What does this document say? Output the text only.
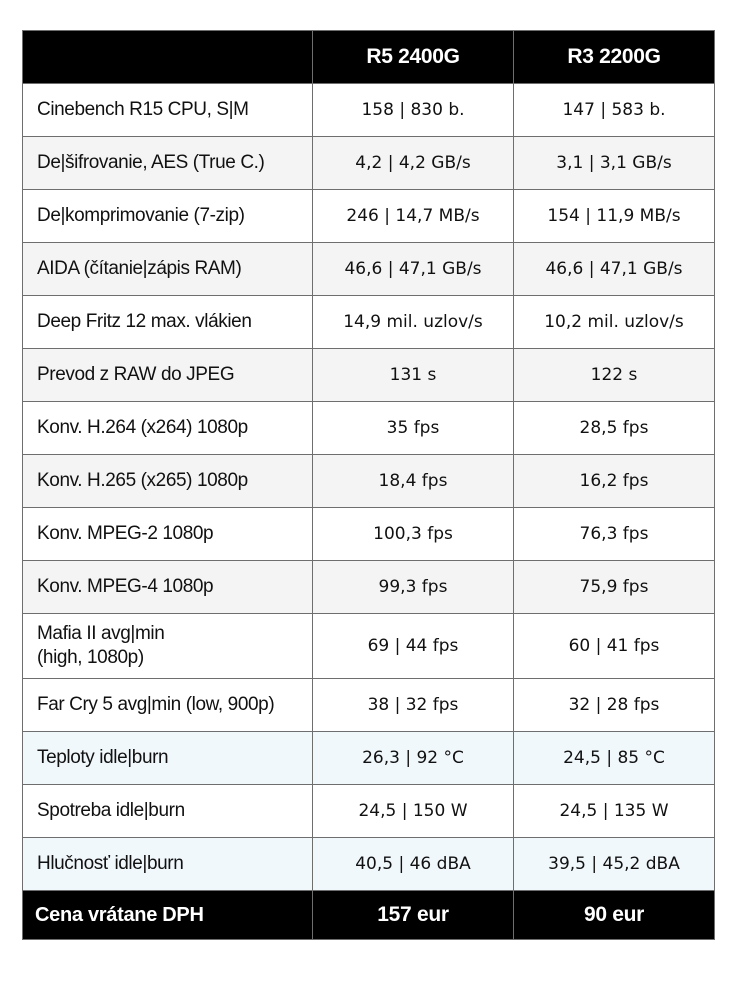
	R5 2400G	R3 2200G
Cinebench R15 CPU, S|M	158 | 830 b.	147 | 583 b.
De|šifrovanie, AES (True C.)	4,2 | 4,2 GB/s	3,1 | 3,1 GB/s
De|komprimovanie (7-zip)	246 | 14,7 MB/s	154 | 11,9 MB/s
AIDA (čítanie|zápis RAM)	46,6 | 47,1 GB/s	46,6 | 47,1 GB/s
Deep Fritz 12 max. vlákien	14,9 mil. uzlov/s	10,2 mil. uzlov/s
Prevod z RAW do JPEG	131 s	122 s
Konv. H.264 (x264) 1080p	35 fps	28,5 fps
Konv. H.265 (x265) 1080p	18,4 fps	16,2 fps
Konv. MPEG-2 1080p	100,3 fps	76,3 fps
Konv. MPEG-4 1080p	99,3 fps	75,9 fps
Mafia II avg|min
(high, 1080p)	69 | 44 fps	60 | 41 fps
Far Cry 5 avg|min (low, 900p)	38 | 32 fps	32 | 28 fps
Teploty idle|burn	26,3 | 92 °C	24,5 | 85 °C
Spotreba idle|burn	24,5 | 150 W	24,5 | 135 W
Hlučnosť idle|burn	40,5 | 46 dBA	39,5 | 45,2 dBA
Cena vrátane DPH	157 eur	90 eur
